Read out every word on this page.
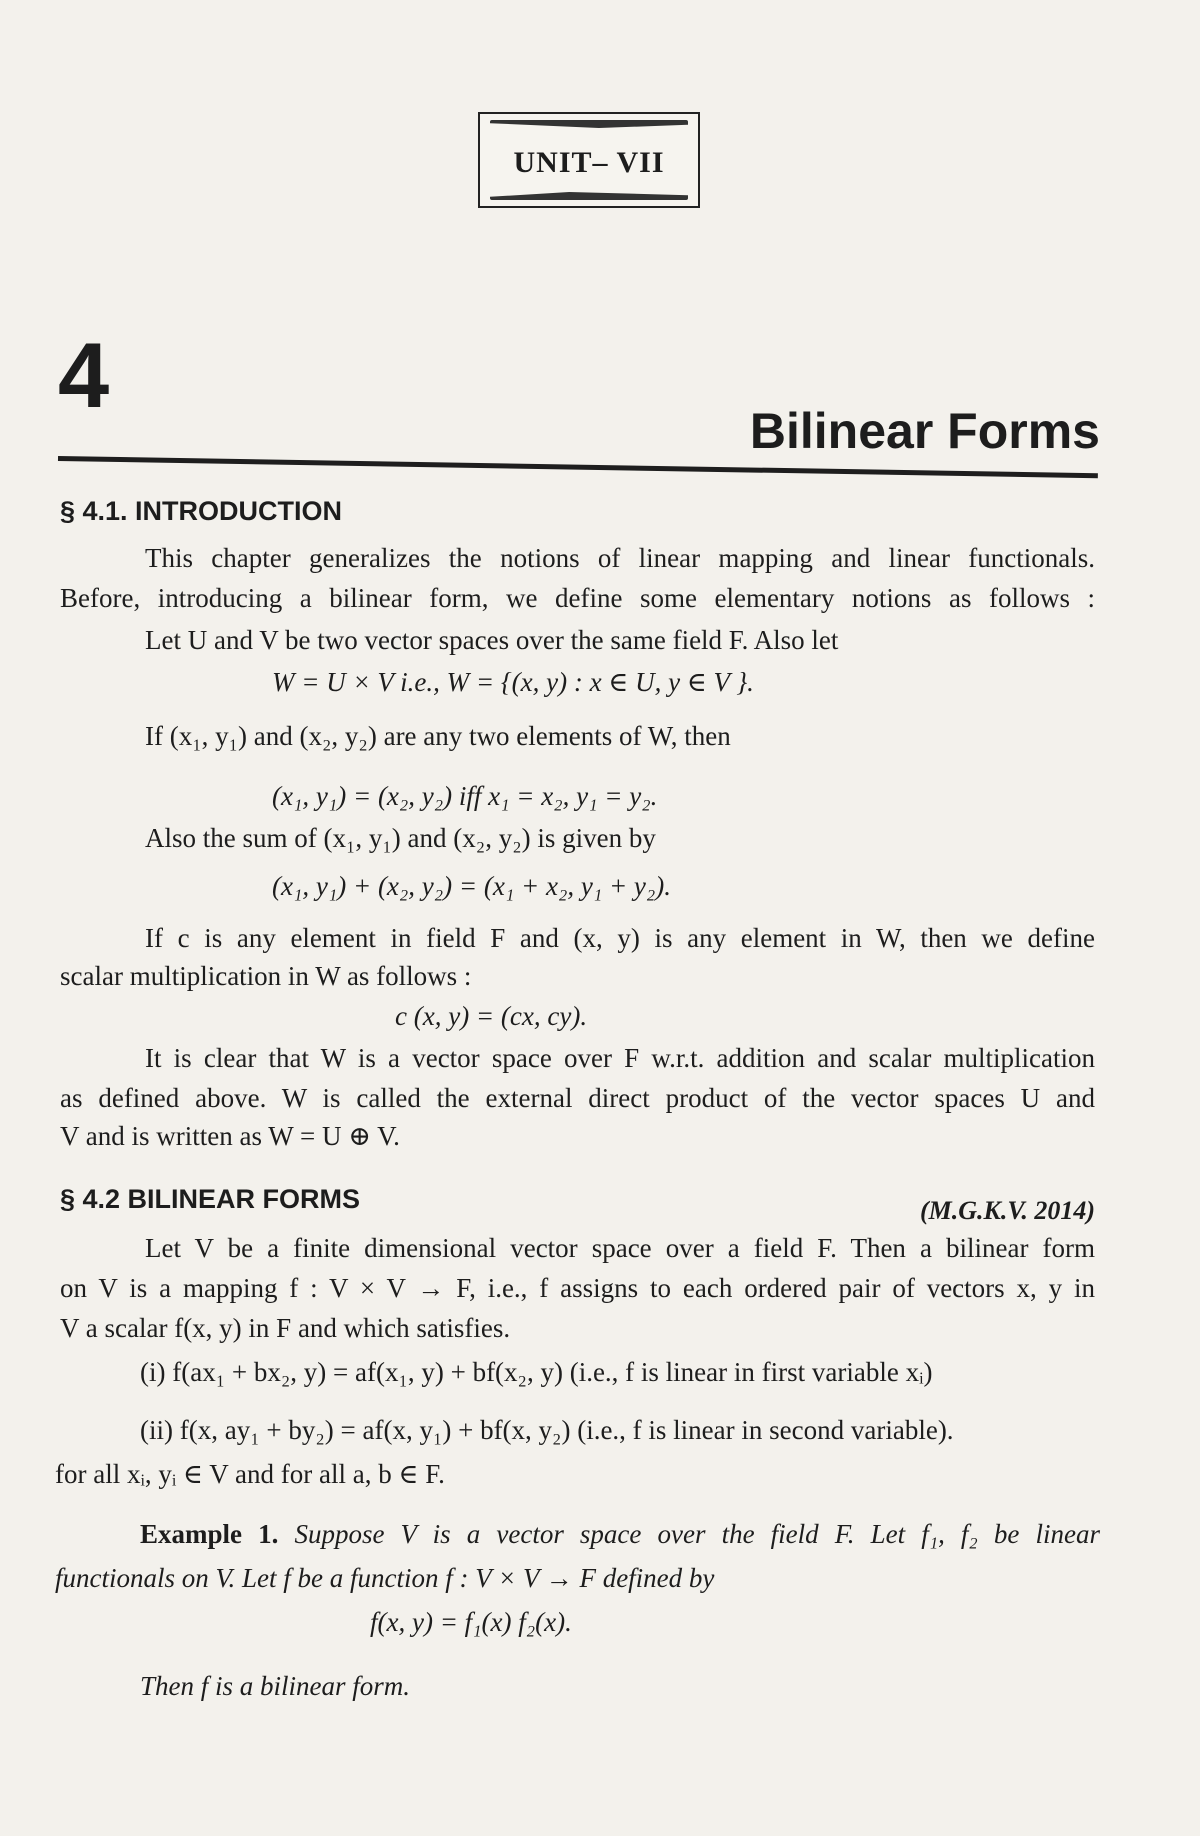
UNIT– VII
4
Bilinear Forms
§ 4.1. INTRODUCTION
This chapter generalizes the notions of linear mapping and linear functionals.
Before, introducing a bilinear form, we define some elementary notions as follows :
Let U and V be two vector spaces over the same field F. Also let
W = U × V i.e., W = {(x, y) : x ∈ U, y ∈ V }.
If (x₁, y₁) and (x₂, y₂) are any two elements of W, then
(x₁, y₁) = (x₂, y₂) iff x₁ = x₂, y₁ = y₂.
Also the sum of (x₁, y₁) and (x₂, y₂) is given by
(x₁, y₁) + (x₂, y₂) = (x₁ + x₂, y₁ + y₂).
If c is any element in field F and (x, y) is any element in W, then we define
scalar multiplication in W as follows :
c (x, y) = (cx, cy).
It is clear that W is a vector space over F w.r.t. addition and scalar multiplication
as defined above. W is called the external direct product of the vector spaces U and
V and is written as W = U ⊕ V.
§ 4.2 BILINEAR FORMS	(M.G.K.V. 2014)
Let V be a finite dimensional vector space over a field F. Then a bilinear form
on V is a mapping f : V × V → F, i.e., f assigns to each ordered pair of vectors x, y in
V a scalar f(x, y) in F and which satisfies.
(i) f(ax₁ + bx₂, y) = af(x₁, y) + bf(x₂, y) (i.e., f is linear in first variable xᵢ)
(ii) f(x, ay₁ + by₂) = af(x, y₁) + bf(x, y₂) (i.e., f is linear in second variable).
for all xᵢ, yᵢ ∈ V and for all a, b ∈ F.
Example 1. Suppose V is a vector space over the field F. Let f₁, f₂ be linear
functionals on V. Let f be a function f : V × V → F defined by
f(x, y) = f₁(x) f₂(x).
Then f is a bilinear form.
